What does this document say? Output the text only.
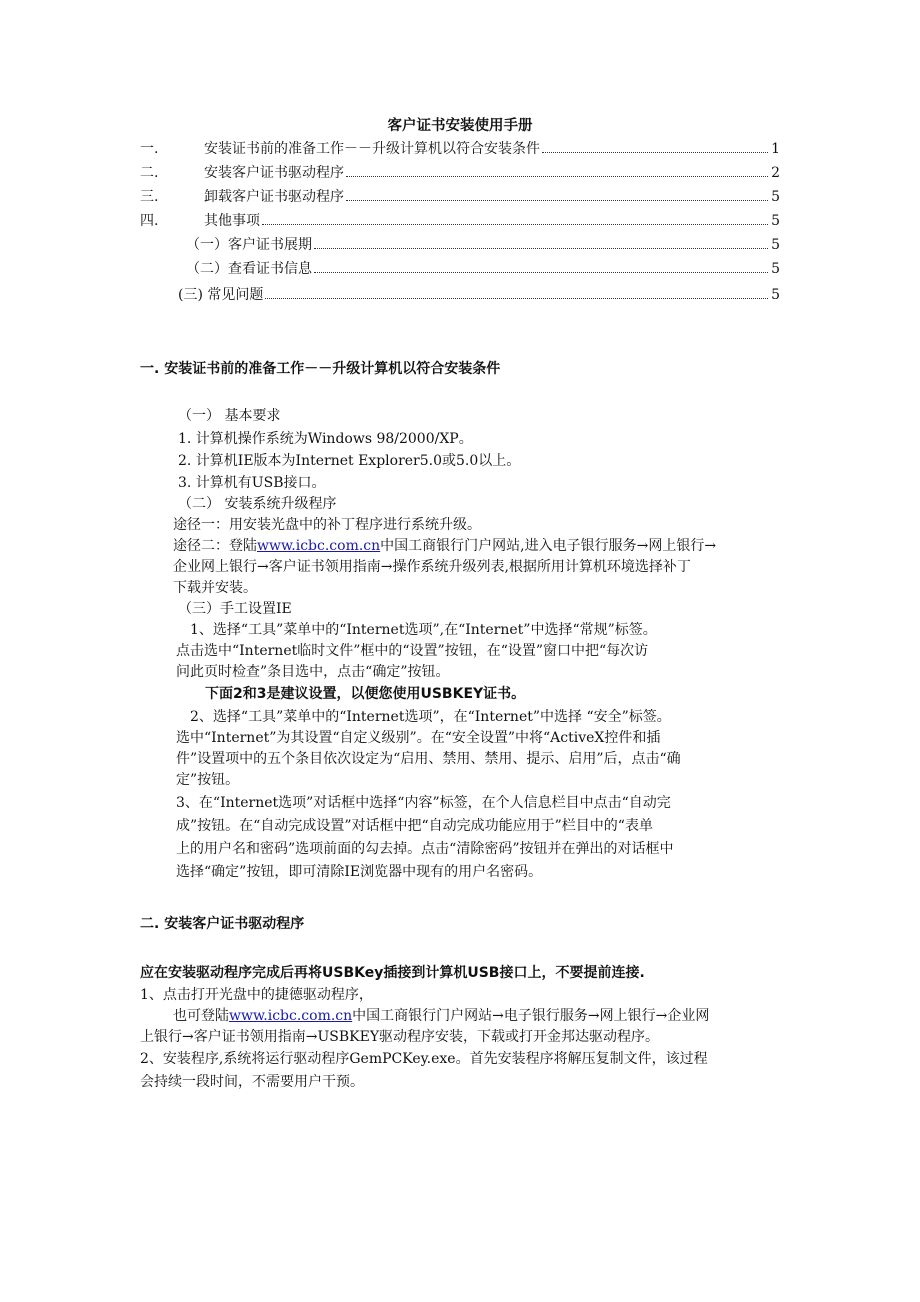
客户证书安装使用手册
一.	安装证书前的准备工作－－升级计算机以符合安装条件	1
二.	安装客户证书驱动程序	2
三.	卸载客户证书驱动程序	5
四.	其他事项	5
（一）客户证书展期	5
（二）查看证书信息	5
(三) 常见问题	5
一. 安装证书前的准备工作－－升级计算机以符合安装条件
（一） 基本要求
1. 计算机操作系统为Windows 98/2000/XP。
2. 计算机IE版本为Internet Explorer5.0或5.0以上。
3. 计算机有USB接口。
（二） 安装系统升级程序
途径一：用安装光盘中的补丁程序进行系统升级。
途径二：登陆www.icbc.com.cn中国工商银行门户网站,进入电子银行服务→网上银行→
企业网上银行→客户证书领用指南→操作系统升级列表,根据所用计算机环境选择补丁
下载并安装。
（三）手工设置IE
1、选择“工具”菜单中的“Internet选项”,在“Internet”中选择“常规”标签。
点击选中“Internet临时文件”框中的“设置”按钮，在“设置”窗口中把“每次访
问此页时检查”条目选中，点击“确定”按钮。
下面2和3是建议设置，以便您使用USBKEY证书。
2、选择“工具”菜单中的“Internet选项”，在“Internet”中选择 “安全”标签。
选中“Internet”为其设置“自定义级别”。在“安全设置”中将“ActiveX控件和插
件”设置项中的五个条目依次设定为“启用、禁用、禁用、提示、启用”后，点击“确
定”按钮。
3、在“Internet选项”对话框中选择“内容”标签，在个人信息栏目中点击“自动完
成”按钮。在“自动完成设置”对话框中把“自动完成功能应用于”栏目中的“表单
上的用户名和密码”选项前面的勾去掉。点击“清除密码”按钮并在弹出的对话框中
选择“确定”按钮，即可清除IE浏览器中现有的用户名密码。
二. 安装客户证书驱动程序
应在安装驱动程序完成后再将USBKey插接到计算机USB接口上，不要提前连接.
1、点击打开光盘中的捷德驱动程序，
也可登陆www.icbc.com.cn中国工商银行门户网站→电子银行服务→网上银行→企业网
上银行→客户证书领用指南→USBKEY驱动程序安装，下载或打开金邦达驱动程序。
2、安装程序,系统将运行驱动程序GemPCKey.exe。首先安装程序将解压复制文件，该过程
会持续一段时间，不需要用户干预。
